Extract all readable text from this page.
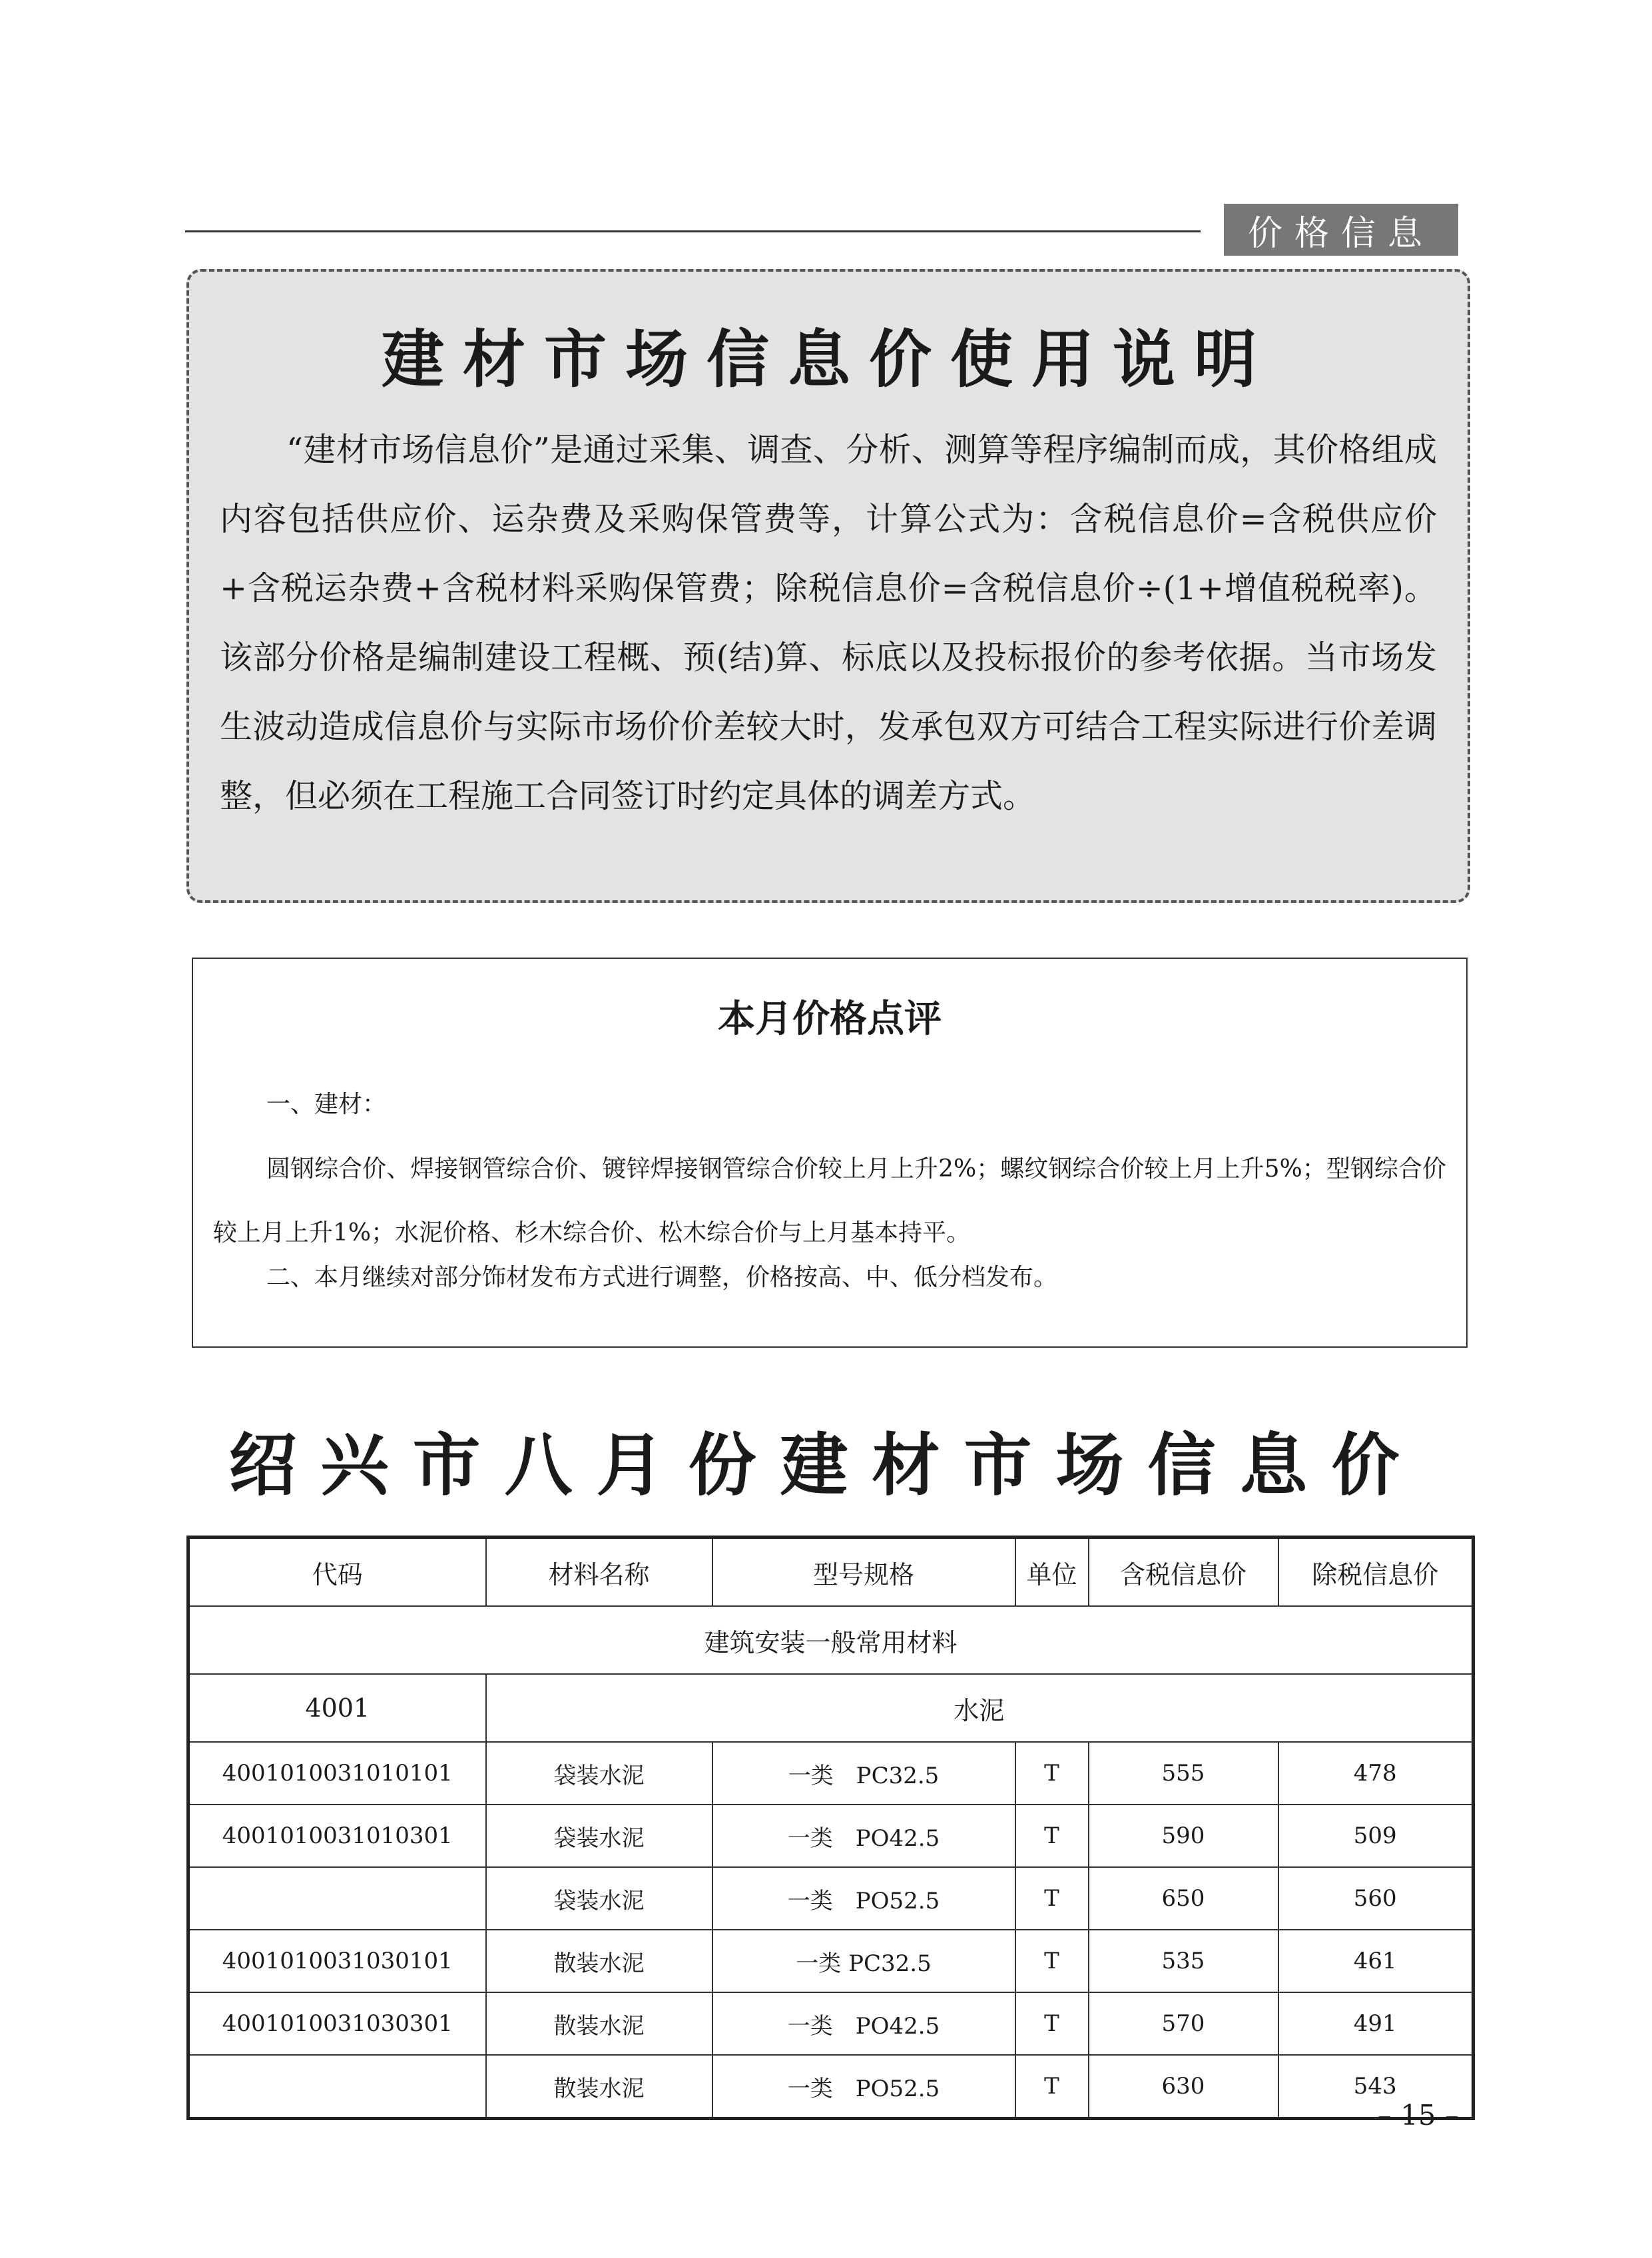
价格信息
建材市场信息价使用说明
“建材市场信息价”是通过采集、调查、分析、测算等程序编制而成，其价格组成内容包括供应价、运杂费及采购保管费等，计算公式为：含税信息价=含税供应价+含税运杂费+含税材料采购保管费；除税信息价=含税信息价÷(1+增值税税率)。该部分价格是编制建设工程概、预(结)算、标底以及投标报价的参考依据。当市场发生波动造成信息价与实际市场价价差较大时，发承包双方可结合工程实际进行价差调整，但必须在工程施工合同签订时约定具体的调差方式。
本月价格点评
一、建材：
圆钢综合价、焊接钢管综合价、镀锌焊接钢管综合价较上月上升2%；螺纹钢综合价较上月上升5%；型钢综合价较上月上升1%；水泥价格、杉木综合价、松木综合价与上月基本持平。
二、本月继续对部分饰材发布方式进行调整，价格按高、中、低分档发布。
绍兴市八月份建材市场信息价
代码	材料名称	型号规格	单位	含税信息价	除税信息价
建筑安装一般常用材料					
4001	水泥				
4001010031010101	袋装水泥	一类　PC32.5	T	555	478
4001010031010301	袋装水泥	一类　PO42.5	T	590	509
	袋装水泥	一类　PO52.5	T	650	560
4001010031030101	散装水泥	一类 PC32.5	T	535	461
4001010031030301	散装水泥	一类　PO42.5	T	570	491
	散装水泥	一类　PO52.5	T	630	543
– 15 –
